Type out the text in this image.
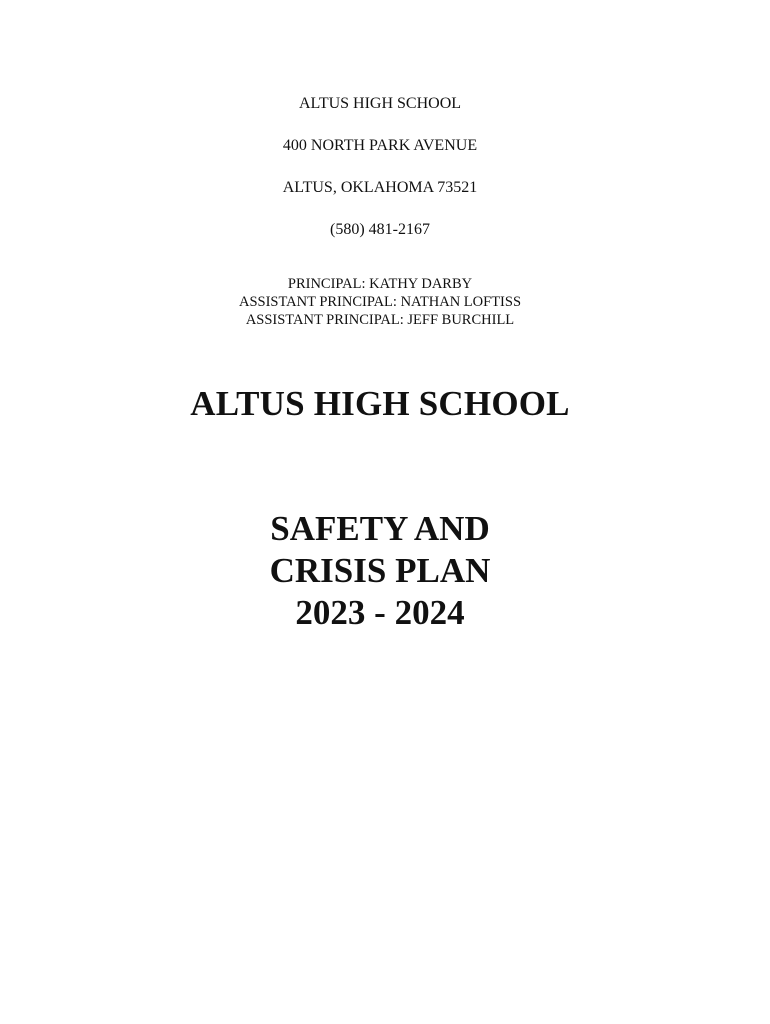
ALTUS HIGH SCHOOL
400 NORTH PARK AVENUE
ALTUS, OKLAHOMA 73521
(580) 481-2167
PRINCIPAL: KATHY DARBY
ASSISTANT PRINCIPAL: NATHAN LOFTISS
ASSISTANT PRINCIPAL: JEFF BURCHILL
ALTUS HIGH SCHOOL
SAFETY AND
CRISIS PLAN
2023 - 2024
